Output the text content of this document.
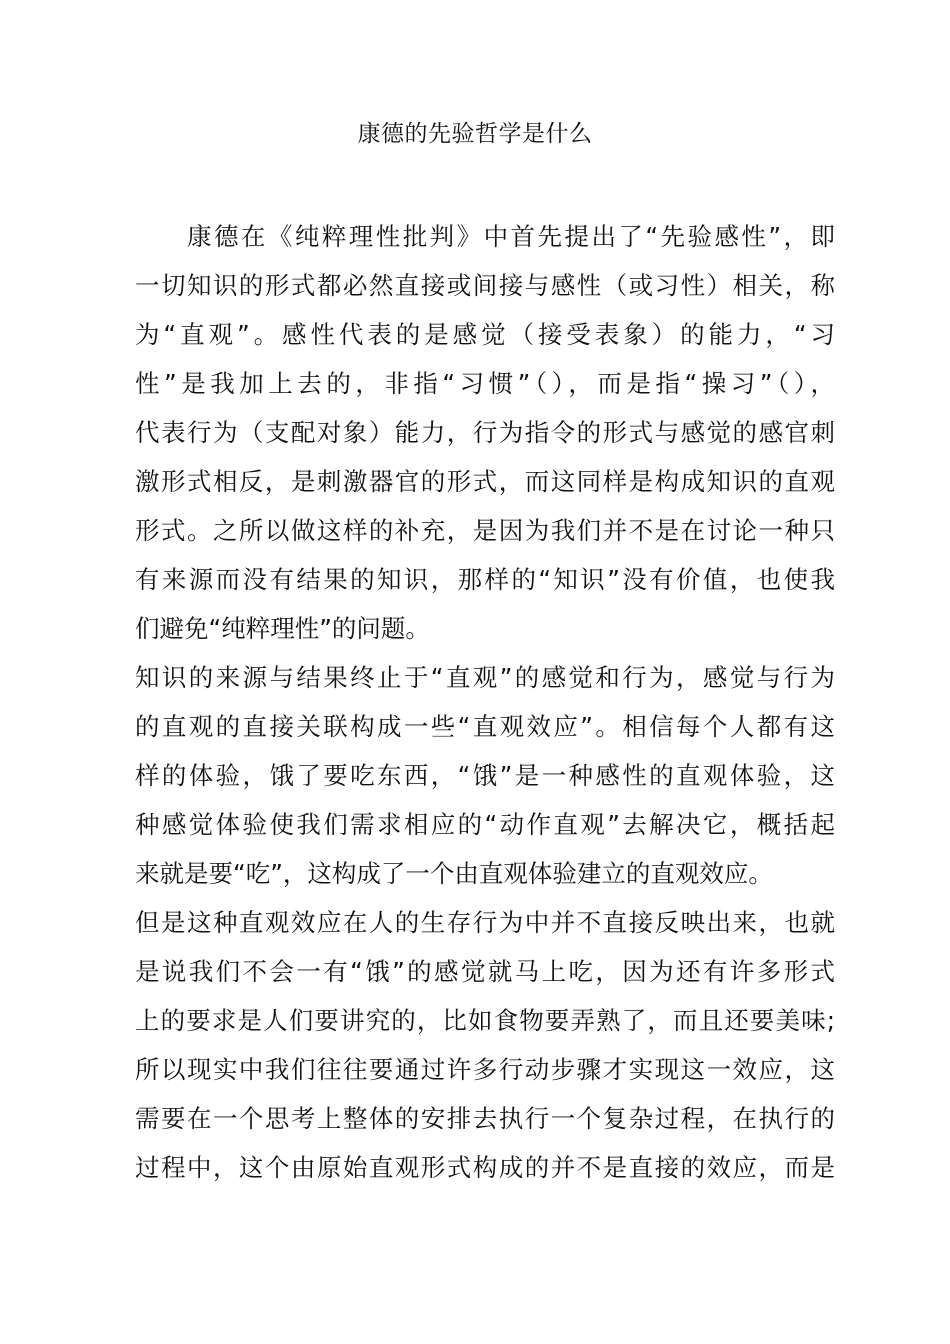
康德的先验哲学是什么
康德在《纯粹理性批判》中首先提出了“先验感性”，即
一切知识的形式都必然直接或间接与感性（或习性）相关，称
为“直观”。感性代表的是感觉（接受表象）的能力，“习
性”是我加上去的，非指“习惯”（），而是指“操习”（），
代表行为（支配对象）能力，行为指令的形式与感觉的感官刺
激形式相反，是刺激器官的形式，而这同样是构成知识的直观
形式。之所以做这样的补充，是因为我们并不是在讨论一种只
有来源而没有结果的知识，那样的“知识”没有价值，也使我
们避免“纯粹理性”的问题。
知识的来源与结果终止于“直观”的感觉和行为，感觉与行为
的直观的直接关联构成一些“直观效应”。相信每个人都有这
样的体验，饿了要吃东西，“饿”是一种感性的直观体验，这
种感觉体验使我们需求相应的“动作直观”去解决它，概括起
来就是要“吃”，这构成了一个由直观体验建立的直观效应。
但是这种直观效应在人的生存行为中并不直接反映出来，也就
是说我们不会一有“饿”的感觉就马上吃，因为还有许多形式
上的要求是人们要讲究的，比如食物要弄熟了，而且还要美味;
所以现实中我们往往要通过许多行动步骤才实现这一效应，这
需要在一个思考上整体的安排去执行一个复杂过程，在执行的
过程中，这个由原始直观形式构成的并不是直接的效应，而是
